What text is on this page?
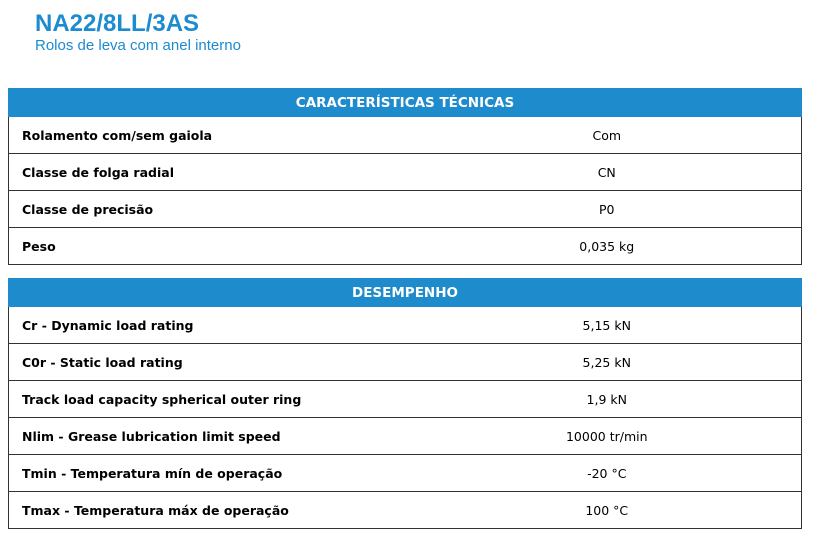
NA22/8LL/3AS
Rolos de leva com anel interno
CARACTERÍSTICAS TÉCNICAS	
Rolamento com/sem gaiola	Com
Classe de folga radial	CN
Classe de precisão	P0
Peso	0,035 kg
DESEMPENHO	
Cr - Dynamic load rating	5,15 kN
C0r - Static load rating	5,25 kN
Track load capacity spherical outer ring	1,9 kN
Nlim - Grease lubrication limit speed	10000 tr/min
Tmin - Temperatura mín de operação	-20 °C
Tmax - Temperatura máx de operação	100 °C
